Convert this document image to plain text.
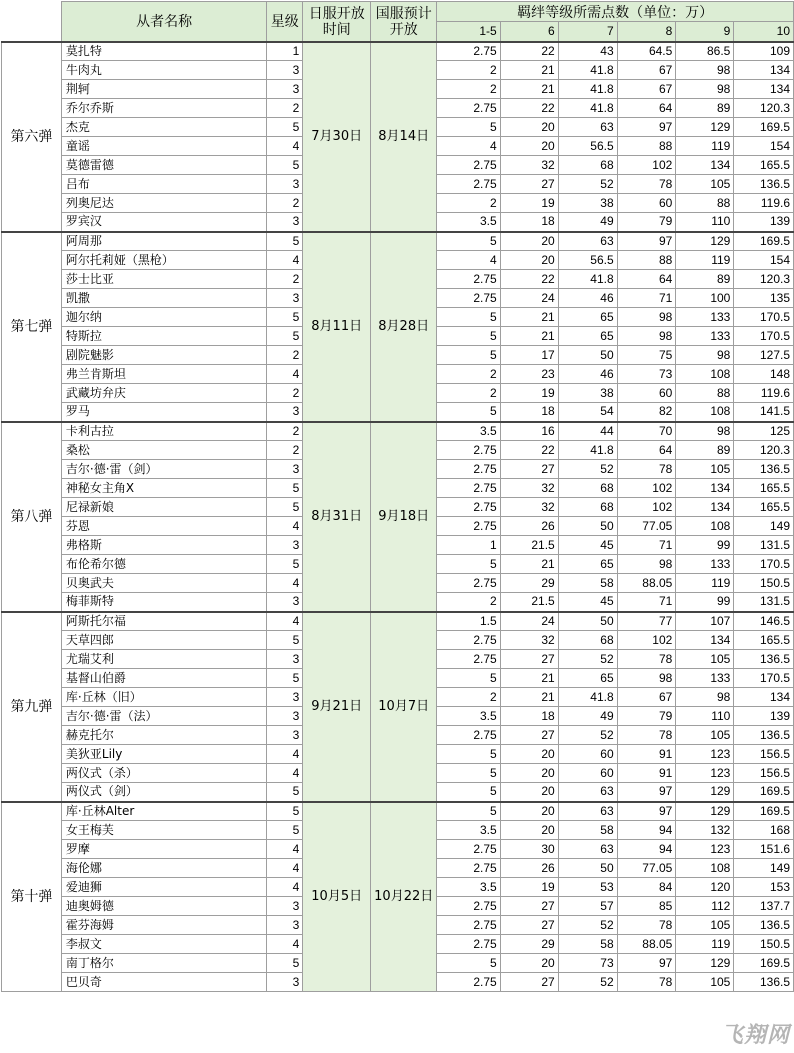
	从者名称	星级	日服开放时间	国服预计开放	羁绊等级所需点数（单位：万）					
					1-5	6	7	8	9	10
第六弹	莫扎特	1	7月30日	8月14日	2.75	22	43	64.5	86.5	109
	牛肉丸	3			2	21	41.8	67	98	134
	荆轲	3			2	21	41.8	67	98	134
	乔尔乔斯	2			2.75	22	41.8	64	89	120.3
	杰克	5			5	20	63	97	129	169.5
	童谣	4			4	20	56.5	88	119	154
	莫德雷德	5			2.75	32	68	102	134	165.5
	吕布	3			2.75	27	52	78	105	136.5
	列奥尼达	2			2	19	38	60	88	119.6
	罗宾汉	3			3.5	18	49	79	110	139
第七弹	阿周那	5	8月11日	8月28日	5	20	63	97	129	169.5
	阿尔托莉娅（黑枪）	4			4	20	56.5	88	119	154
	莎士比亚	2			2.75	22	41.8	64	89	120.3
	凯撒	3			2.75	24	46	71	100	135
	迦尔纳	5			5	21	65	98	133	170.5
	特斯拉	5			5	21	65	98	133	170.5
	剧院魅影	2			5	17	50	75	98	127.5
	弗兰肯斯坦	4			2	23	46	73	108	148
	武藏坊弁庆	2			2	19	38	60	88	119.6
	罗马	3			5	18	54	82	108	141.5
第八弹	卡利古拉	2	8月31日	9月18日	3.5	16	44	70	98	125
	桑松	2			2.75	22	41.8	64	89	120.3
	吉尔·德·雷（剑）	3			2.75	27	52	78	105	136.5
	神秘女主角X	5			2.75	32	68	102	134	165.5
	尼禄新娘	5			2.75	32	68	102	134	165.5
	芬恩	4			2.75	26	50	77.05	108	149
	弗格斯	3			1	21.5	45	71	99	131.5
	布伦希尔德	5			5	21	65	98	133	170.5
	贝奥武夫	4			2.75	29	58	88.05	119	150.5
	梅菲斯特	3			2	21.5	45	71	99	131.5
第九弹	阿斯托尔福	4	9月21日	10月7日	1.5	24	50	77	107	146.5
	天草四郎	5			2.75	32	68	102	134	165.5
	尤瑞艾利	3			2.75	27	52	78	105	136.5
	基督山伯爵	5			5	21	65	98	133	170.5
	库·丘林（旧）	3			2	21	41.8	67	98	134
	吉尔·德·雷（法）	3			3.5	18	49	79	110	139
	赫克托尔	3			2.75	27	52	78	105	136.5
	美狄亚Lily	4			5	20	60	91	123	156.5
	两仪式（杀）	4			5	20	60	91	123	156.5
	两仪式（剑）	5			5	20	63	97	129	169.5
第十弹	库·丘林Alter	5	10月5日	10月22日	5	20	63	97	129	169.5
	女王梅芙	5			3.5	20	58	94	132	168
	罗摩	4			2.75	30	63	94	123	151.6
	海伦娜	4			2.75	26	50	77.05	108	149
	爱迪狮	4			3.5	19	53	84	120	153
	迪奥姆德	3			2.75	27	57	85	112	137.7
	霍芬海姆	3			2.75	27	52	78	105	136.5
	李叔文	4			2.75	29	58	88.05	119	150.5
	南丁格尔	5			5	20	73	97	129	169.5
	巴贝奇	3			2.75	27	52	78	105	136.5
飞翔网
